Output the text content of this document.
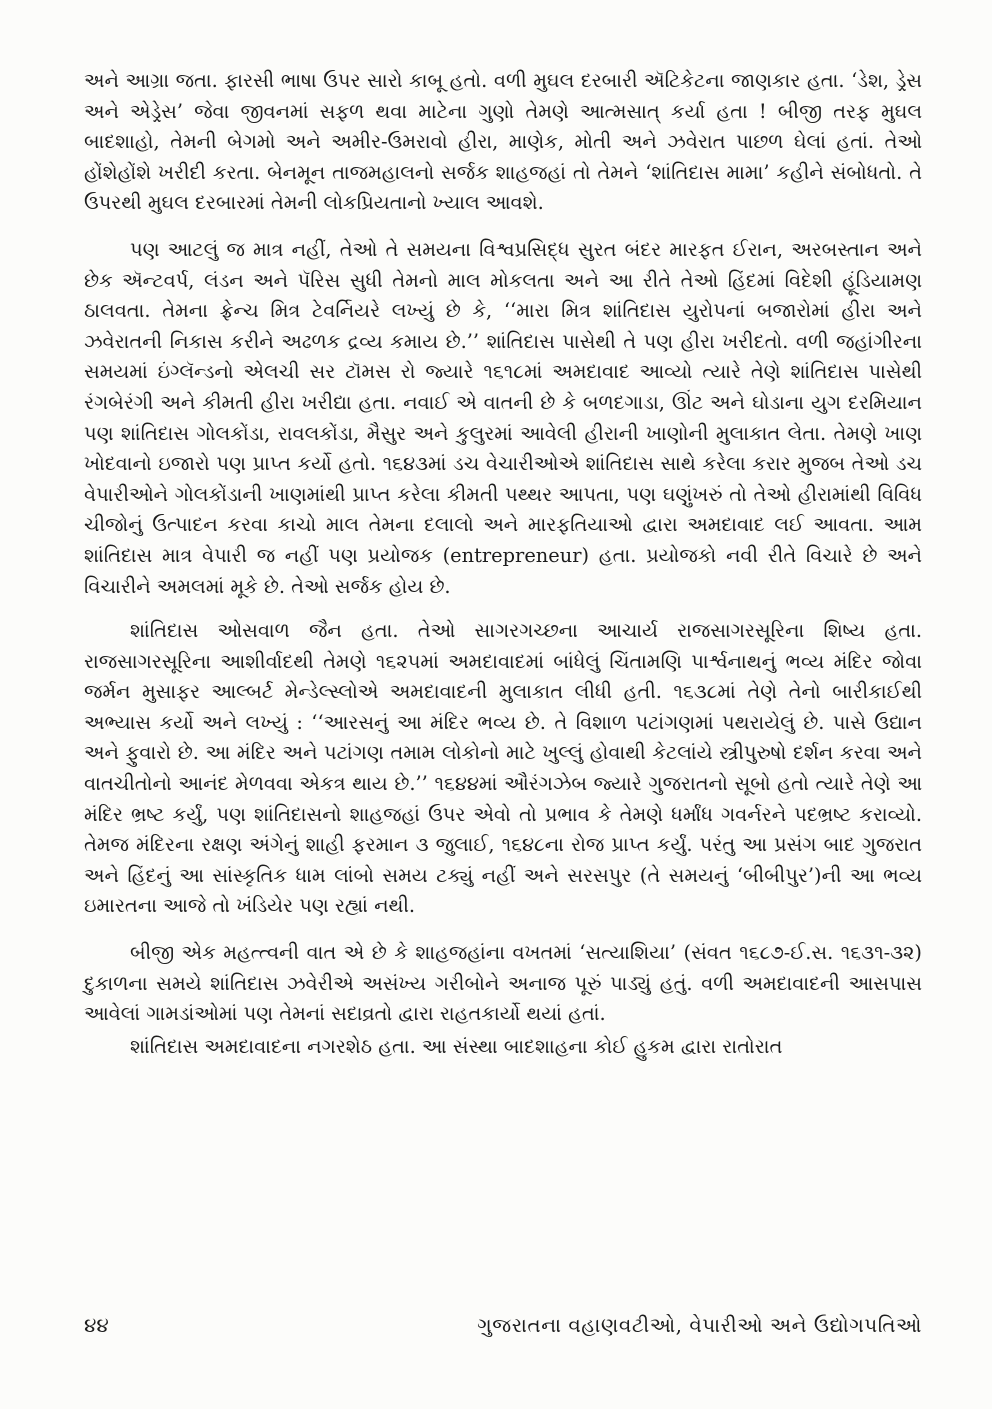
અને આગ્રા જતા. ફારસી ભાષા ઉપર સારો કાબૂ હતો. વળી મુઘલ દરબારી ઍટિકેટના જાણકાર હતા. ‘ડેશ, ડ્રેસ અને એડ્રેસ’ જેવા જીવનમાં સફળ થવા માટેના ગુણો તેમણે આત્મસાત્‌ કર્યા હતા ! બીજી તરફ મુઘલ બાદશાહો, તેમની બેગમો અને અમીર-ઉમરાવો હીરા, માણેક, મોતી અને ઝવેરાત પાછળ ઘેલાં હતાં. તેઓ હોંશેહોંશે ખરીદી કરતા. બેનમૂન તાજમહાલનો સર્જક શાહજહાં તો તેમને ‘શાંતિદાસ મામા’ કહીને સંબોધતો. તે ઉપરથી મુઘલ દરબારમાં તેમની લોકપ્રિયતાનો ખ્યાલ આવશે.

પણ આટલું જ માત્ર નહીં, તેઓ તે સમયના વિશ્વપ્રસિદ્ધ સુરત બંદર મારફત ઈરાન, અરબસ્તાન અને છેક ઍન્ટવર્પ, લંડન અને પૅરિસ સુધી તેમનો માલ મોકલતા અને આ રીતે તેઓ હિંદમાં વિદેશી હૂંડિયામણ ઠાલવતા. તેમના ફ્રેન્ચ મિત્ર ટેવર્નિયરે લખ્યું છે કે, ‘‘મારા મિત્ર શાંતિદાસ યુરોપનાં બજારોમાં હીરા અને ઝવેરાતની નિકાસ કરીને અઢળક દ્રવ્ય કમાય છે.’’ શાંતિદાસ પાસેથી તે પણ હીરા ખરીદતો. વળી જહાંગીરના સમયમાં ઇંગ્લૅન્ડનો એલચી સર ટૉમસ રો જ્યારે ૧૬૧૮માં અમદાવાદ આવ્યો ત્યારે તેણે શાંતિદાસ પાસેથી રંગબેરંગી અને કીમતી હીરા ખરીદ્યા હતા. નવાઈ એ વાતની છે કે બળદગાડા, ઊંટ અને ઘોડાના યુગ દરમિયાન પણ શાંતિદાસ ગોલકોંડા, રાવલકોંડા, મૈસુર અને કુલુરમાં આવેલી હીરાની ખાણોની મુલાકાત લેતા. તેમણે ખાણ ખોદવાનો ઇજારો પણ પ્રાપ્ત કર્યો હતો. ૧૬૪૩માં ડચ વેચારીઓએ શાંતિદાસ સાથે કરેલા કરાર મુજબ તેઓ ડચ વેપારીઓને ગોલકોંડાની ખાણમાંથી પ્રાપ્ત કરેલા કીમતી પથ્થર આપતા, પણ ઘણુંખરું તો તેઓ હીરામાંથી વિવિધ ચીજોનું ઉત્પાદન કરવા કાચો માલ તેમના દલાલો અને મારફતિયાઓ દ્વારા અમદાવાદ લઈ આવતા. આમ શાંતિદાસ માત્ર વેપારી જ નહીં પણ પ્રયોજક (entrepreneur) હતા. પ્રયોજકો નવી રીતે વિચારે છે અને વિચારીને અમલમાં મૂકે છે. તેઓ સર્જક હોય છે.

શાંતિદાસ ઓસવાળ જૈન હતા. તેઓ સાગરગચ્છના આચાર્ય રાજસાગરસૂરિના શિષ્ય હતા. રાજસાગરસૂરિના આશીર્વાદથી તેમણે ૧૬૨૫માં અમદાવાદમાં બાંધેલું ચિંતામણિ પાર્શ્વનાથનું ભવ્ય મંદિર જોવા જર્મન મુસાફર આલ્બર્ટ મેન્ડેલ્સ્લોએ અમદાવાદની મુલાકાત લીધી હતી. ૧૬૩૮માં તેણે તેનો બારીકાઈથી અભ્યાસ કર્યો અને લખ્યું : ‘‘આરસનું આ મંદિર ભવ્ય છે. તે વિશાળ પટાંગણમાં પથરાયેલું છે. પાસે ઉદ્યાન અને ફુવારો છે. આ મંદિર અને પટાંગણ તમામ લોકોનો માટે ખુલ્લું હોવાથી કેટલાંયે સ્ત્રીપુરુષો દર્શન કરવા અને વાતચીતોનો આનંદ મેળવવા એકત્ર થાય છે.’’ ૧૬૪૪માં ઔરંગઝેબ જ્યારે ગુજરાતનો સૂબો હતો ત્યારે તેણે આ મંદિર ભ્રષ્ટ કર્યું, પણ શાંતિદાસનો શાહજહાં ઉપર એવો તો પ્રભાવ કે તેમણે ધર્માંધ ગવર્નરને પદભ્રષ્ટ કરાવ્યો. તેમજ મંદિરના રક્ષણ અંગેનું શાહી ફરમાન ૩ જુલાઈ, ૧૬૪૮ના રોજ પ્રાપ્ત કર્યું. પરંતુ આ પ્રસંગ બાદ ગુજરાત અને હિંદનું આ સાંસ્કૃતિક ધામ લાંબો સમય ટક્યું નહીં અને સરસપુર (તે સમયનું ‘બીબીપુર’)ની આ ભવ્ય ઇમારતના આજે તો ખંડિયેર પણ રહ્યાં નથી.

બીજી એક મહત્ત્વની વાત એ છે કે શાહજહાંના વખતમાં ‘સત્યાશિયા’ (સંવત ૧૬૮૭-ઈ.સ. ૧૬૩૧-૩૨) દુકાળના સમયે શાંતિદાસ ઝવેરીએ અસંખ્ય ગરીબોને અનાજ પૂરું પાડ્યું હતું. વળી અમદાવાદની આસપાસ આવેલાં ગામડાંઓમાં પણ તેમનાં સદાવ્રતો દ્વારા રાહતકાર્યો થયાં હતાં.

શાંતિદાસ અમદાવાદના નગરશેઠ હતા. આ સંસ્થા બાદશાહના કોઈ હુકમ દ્વારા રાતોરાત

૪૪	ગુજરાતના વહાણવટીઓ, વેપારીઓ અને ઉદ્યોગપતિઓ
